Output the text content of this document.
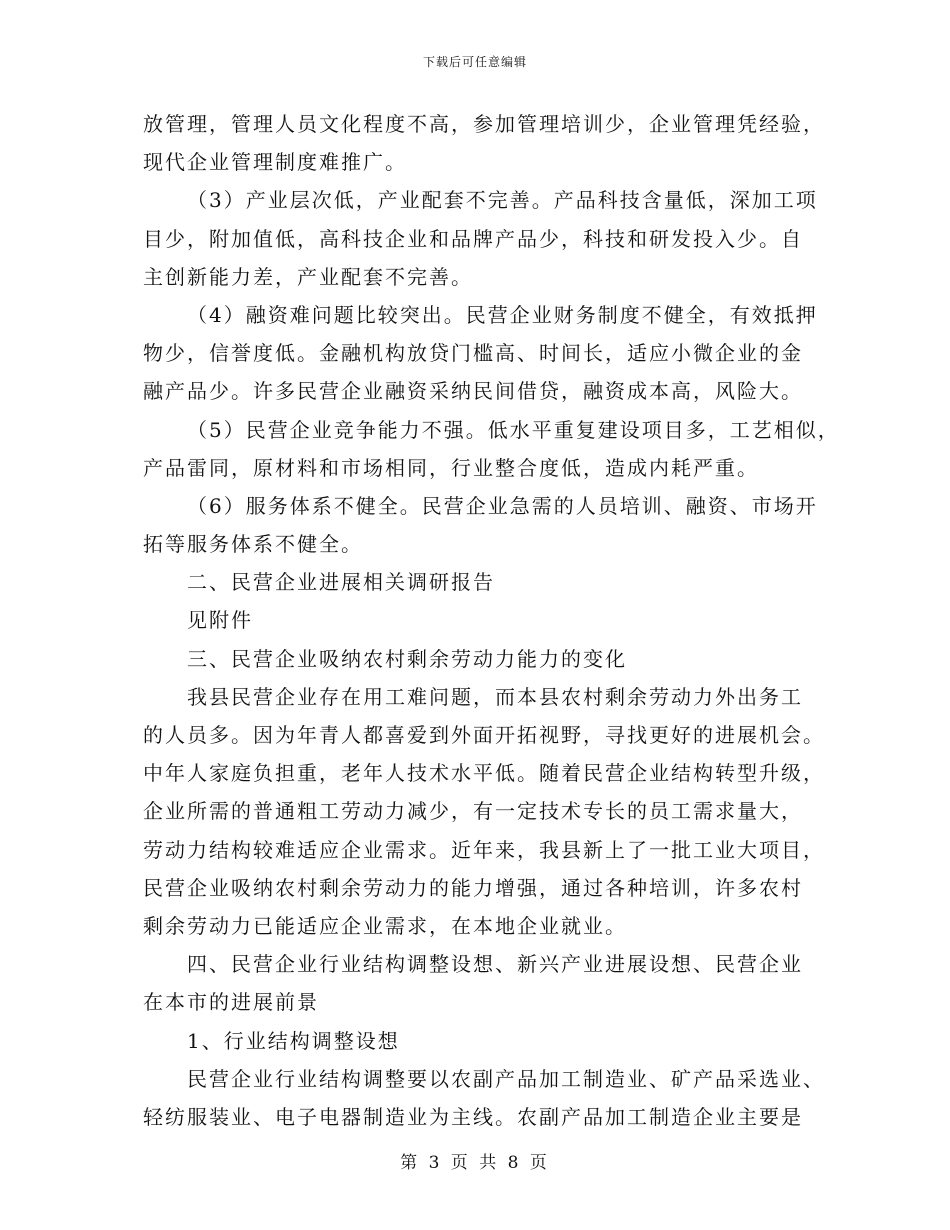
下载后可任意编辑
放管理，管理人员文化程度不高，参加管理培训少，企业管理凭经验，
现代企业管理制度难推广。
（3）产业层次低，产业配套不完善。产品科技含量低，深加工项
目少，附加值低，高科技企业和品牌产品少，科技和研发投入少。自
主创新能力差，产业配套不完善。
（4）融资难问题比较突出。民营企业财务制度不健全，有效抵押
物少，信誉度低。金融机构放贷门槛高、时间长，适应小微企业的金
融产品少。许多民营企业融资采纳民间借贷，融资成本高，风险大。
（5）民营企业竞争能力不强。低水平重复建设项目多，工艺相似，
产品雷同，原材料和市场相同，行业整合度低，造成内耗严重。
（6）服务体系不健全。民营企业急需的人员培训、融资、市场开
拓等服务体系不健全。
二、民营企业进展相关调研报告
见附件
三、民营企业吸纳农村剩余劳动力能力的变化
我县民营企业存在用工难问题，而本县农村剩余劳动力外出务工
的人员多。因为年青人都喜爱到外面开拓视野，寻找更好的进展机会。
中年人家庭负担重，老年人技术水平低。随着民营企业结构转型升级，
企业所需的普通粗工劳动力减少，有一定技术专长的员工需求量大，
劳动力结构较难适应企业需求。近年来，我县新上了一批工业大项目，
民营企业吸纳农村剩余劳动力的能力增强，通过各种培训，许多农村
剩余劳动力已能适应企业需求，在本地企业就业。
四、民营企业行业结构调整设想、新兴产业进展设想、民营企业
在本市的进展前景
1、行业结构调整设想
民营企业行业结构调整要以农副产品加工制造业、矿产品采选业、
轻纺服装业、电子电器制造业为主线。农副产品加工制造企业主要是
第 3 页 共 8 页
